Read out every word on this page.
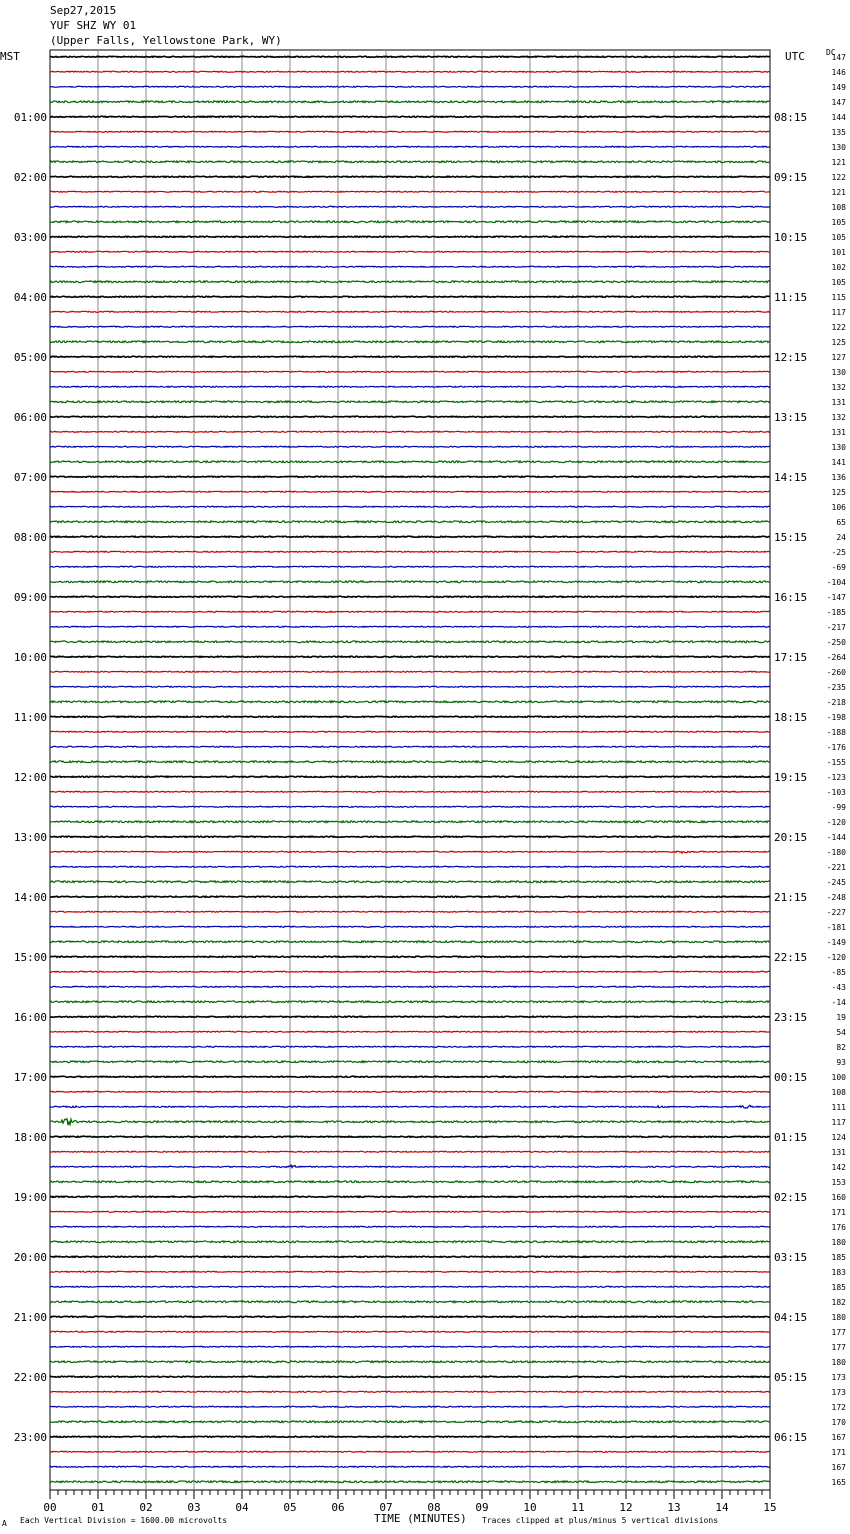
Sep27,2015
YUF SHZ WY 01
(Upper Falls, Yellowstone Park, WY)
MST	UTC	DC
Each Vertical Division = 1600.00 microvolts	TIME (MINUTES) Traces clipped at plus/minus 5 vertical divisions
A
00	01	02	03	04	05	06	07	08	09	10	11	12	13	14	15
147
146
149
147
144
135
130
121
122
121
108
105
105
101
102
105
115
117
122
125
127
130
132
131
132
131
130
141
136
125
106
65
24
-25
-69
-104
-147
-185
-217
-250
-264
-260
-235
-218
-198
-188
-176
-155
-123
-103
-99
-120
-144
-180
-221
-245
-248
-227
-181
-149
-120
-85
-43
-14
19
54
82
93
100
108
111
117
124
131
142
153
160
171
176
180
185
183
185
182
180
177
177
180
173
173
172
170
167
171
167
165
01:00	08:15
02:00	09:15
03:00	10:15
04:00	11:15
05:00	12:15
06:00	13:15
07:00	14:15
08:00	15:15
09:00	16:15
10:00	17:15
11:00	18:15
12:00	19:15
13:00	20:15
14:00	21:15
15:00	22:15
16:00	23:15
17:00	00:15
18:00	01:15
19:00	02:15
20:00	03:15
21:00	04:15
22:00	05:15
23:00	06:15
